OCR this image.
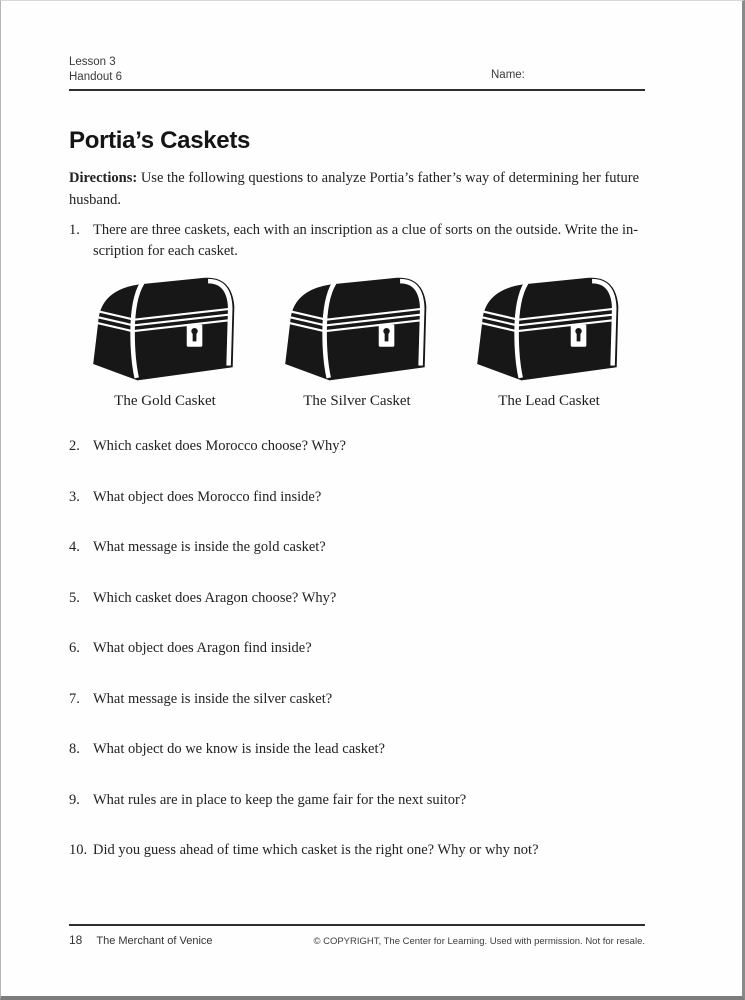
Lesson 3
Handout 6	Name:
Portia’s Caskets

Directions: Use the following questions to analyze Portia’s father’s way of determining her future
husband.

1. There are three caskets, each with an inscription as a clue of sorts on the outside. Write the in-
scription for each casket.
The Gold Casket	The Silver Casket	The Lead Casket
2. Which casket does Morocco choose? Why?
3. What object does Morocco find inside?
4. What message is inside the gold casket?
5. Which casket does Aragon choose? Why?
6. What object does Aragon find inside?
7. What message is inside the silver casket?
8. What object do we know is inside the lead casket?
9. What rules are in place to keep the game fair for the next suitor?
10. Did you guess ahead of time which casket is the right one? Why or why not?
18 The Merchant of Venice	© COPYRIGHT, The Center for Learning. Used with permission. Not for resale.
